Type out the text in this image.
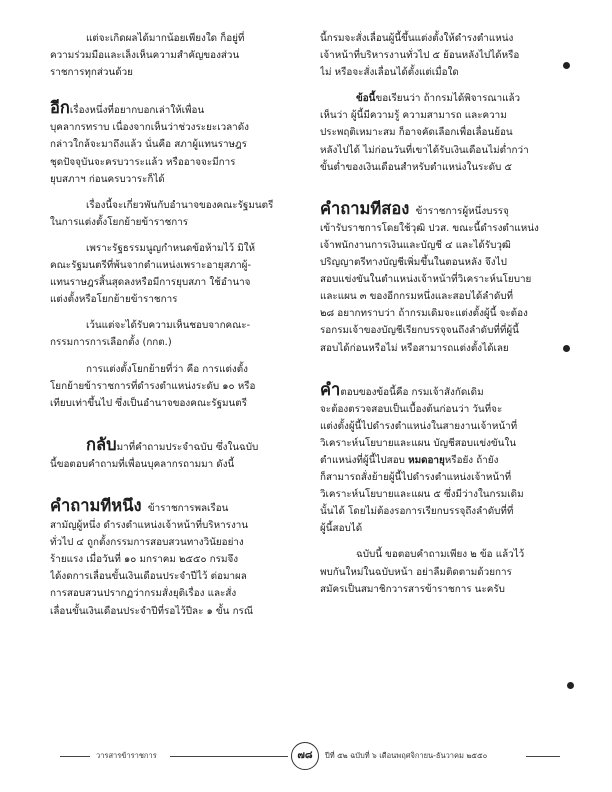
แต่จะเกิดผลได้มากน้อยเพียงใด ก็อยู่ที่
ความร่วมมือและเล็งเห็นความสำคัญของส่วน
ราชการทุกส่วนด้วย

อีกเรื่องหนึ่งที่อยากบอกเล่าให้เพื่อน
บุคลากรทราบ เนื่องจากเห็นว่าช่วงระยะเวลาดัง
กล่าวใกล้จะมาถึงแล้ว นั่นคือ สภาผู้แทนราษฎร
ชุดปัจจุบันจะครบวาระแล้ว หรืออาจจะมีการ
ยุบสภาฯ ก่อนครบวาระก็ได้

เรื่องนี้จะเกี่ยวพันกับอำนาจของคณะรัฐมนตรี
ในการแต่งตั้งโยกย้ายข้าราชการ

เพราะรัฐธรรมนูญกำหนดข้อห้ามไว้ มิให้
คณะรัฐมนตรีที่พ้นจากตำแหน่งเพราะอายุสภาผู้-
แทนราษฎรสิ้นสุดลงหรือมีการยุบสภา ใช้อำนาจ
แต่งตั้งหรือโยกย้ายข้าราชการ

เว้นแต่จะได้รับความเห็นชอบจากคณะ-
กรรมการการเลือกตั้ง (กกต.)

การแต่งตั้งโยกย้ายที่ว่า คือ การแต่งตั้ง
โยกย้ายข้าราชการที่ดำรงตำแหน่งระดับ ๑๐ หรือ
เทียบเท่าขึ้นไป ซึ่งเป็นอำนาจของคณะรัฐมนตรี

กลับมาที่คำถามประจำฉบับ ซึ่งในฉบับ
นี้ขอตอบคำถามที่เพื่อนบุคลากรถามมา ดังนี้

คำถามที่หนึ่ง ข้าราชการพลเรือน
สามัญผู้หนึ่ง ดำรงตำแหน่งเจ้าหน้าที่บริหารงาน
ทั่วไป ๔ ถูกตั้งกรรมการสอบสวนทางวินัยอย่าง
ร้ายแรง เมื่อวันที่ ๑๐ มกราคม ๒๕๕๐ กรมจึง
ได้งดการเลื่อนขั้นเงินเดือนประจำปีไว้ ต่อมาผล
การสอบสวนปรากฏว่ากรมสั่งยุติเรื่อง และสั่ง
เลื่อนขั้นเงินเดือนประจำปีที่รอไว้ปีละ ๑ ขั้น กรณี

นี้กรมจะสั่งเลื่อนผู้นี้ขึ้นแต่งตั้งให้ดำรงตำแหน่ง
เจ้าหน้าที่บริหารงานทั่วไป ๕ ย้อนหลังไปได้หรือ
ไม่ หรือจะสั่งเลื่อนได้ตั้งแต่เมื่อใด

ข้อนี้ขอเรียนว่า ถ้ากรมได้พิจารณาแล้ว
เห็นว่า ผู้นี้มีความรู้ ความสามารถ และความ
ประพฤติเหมาะสม ก็อาจคัดเลือกเพื่อเลื่อนย้อน
หลังไปได้ ไม่ก่อนวันที่เขาได้รับเงินเดือนไม่ต่ำกว่า
ขั้นต่ำของเงินเดือนสำหรับตำแหน่งในระดับ ๕

คำถามที่สอง ข้าราชการผู้หนึ่งบรรจุ
เข้ารับราชการโดยใช้วุฒิ ปวส. ขณะนี้ดำรงตำแหน่ง
เจ้าพนักงานการเงินและบัญชี ๔ และได้รับวุฒิ
ปริญญาตรีทางบัญชีเพิ่มขึ้นในตอนหลัง จึงไป
สอบแข่งขันในตำแหน่งเจ้าหน้าที่วิเคราะห์นโยบาย
และแผน ๓ ของอีกกรมหนึ่งและสอบได้ลำดับที่
๒๘ อยากทราบว่า ถ้ากรมเดิมจะแต่งตั้งผู้นี้ จะต้อง
รอกรมเจ้าของบัญชีเรียกบรรจุจนถึงลำดับที่ที่ผู้นี้
สอบได้ก่อนหรือไม่ หรือสามารถแต่งตั้งได้เลย

คำตอบของข้อนี้คือ กรมเจ้าสังกัดเดิม
จะต้องตรวจสอบเป็นเบื้องต้นก่อนว่า วันที่จะ
แต่งตั้งผู้นี้ไปดำรงตำแหน่งในสายงานเจ้าหน้าที่
วิเคราะห์นโยบายและแผน บัญชีสอบแข่งขันใน
ตำแหน่งที่ผู้นี้ไปสอบ หมดอายุหรือยัง ถ้ายัง
ก็สามารถสั่งย้ายผู้นี้ไปดำรงตำแหน่งเจ้าหน้าที่
วิเคราะห์นโยบายและแผน ๕ ซึ่งมีว่างในกรมเดิม
นั้นได้ โดยไม่ต้องรอการเรียกบรรจุถึงลำดับที่ที่
ผู้นี้สอบได้

ฉบับนี้ ขอตอบคำถามเพียง ๒ ข้อ แล้วไว้
พบกันใหม่ในฉบับหน้า อย่าลืมติดตามด้วยการ
สมัครเป็นสมาชิกวารสารข้าราชการ นะครับ

วารสารข้าราชการ	๗๘	ปีที่ ๕๒ ฉบับที่ ๖ เดือนพฤศจิกายน-ธันวาคม ๒๕๕๐
